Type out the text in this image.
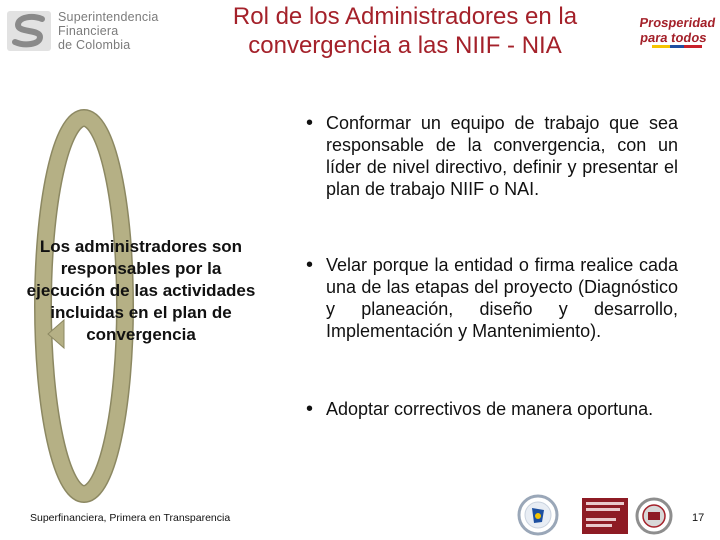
Superintendencia
Financiera
de Colombia
Rol de los Administradores en la
convergencia a las NIIF - NIA
Prosperidad
para todos
Los administradores son responsables por la ejecución de las actividades incluidas en el plan de convergencia
• Conformar un equipo de trabajo que sea responsable de la convergencia, con un líder de nivel directivo, definir y presentar el plan de trabajo NIIF o NAI.
• Velar porque la entidad o firma realice cada una de las etapas del proyecto (Diagnóstico y planeación, diseño y desarrollo, Implementación y Mantenimiento).
• Adoptar correctivos de manera oportuna.
Superfinanciera, Primera en Transparencia	17
